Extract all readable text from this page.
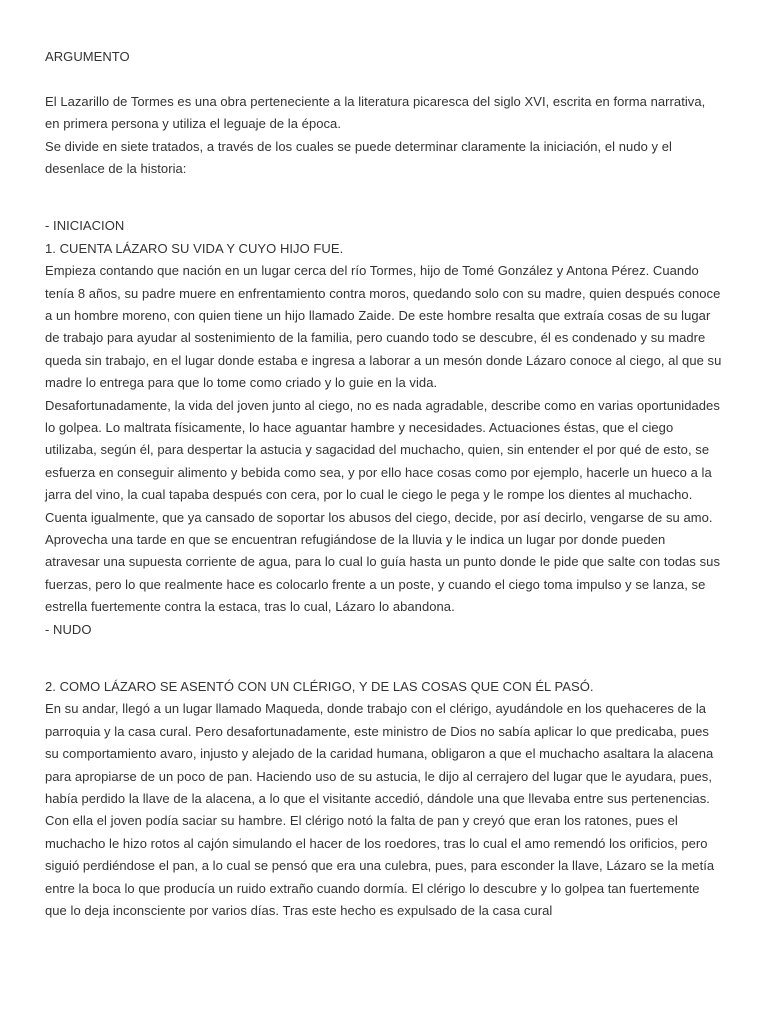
ARGUMENTO

El Lazarillo de Tormes es una obra perteneciente a la literatura picaresca del siglo XVI, escrita en forma narrativa, en primera persona y utiliza el leguaje de la época.
Se divide en siete tratados, a través de los cuales se puede determinar claramente la iniciación, el nudo y el desenlace de la historia:

- INICIACION

1. CUENTA LÁZARO SU VIDA Y CUYO HIJO FUE.

Empieza contando que nación en un lugar cerca del río Tormes, hijo de Tomé González y Antona Pérez. Cuando tenía 8 años, su padre muere en enfrentamiento contra moros, quedando solo con su madre, quien después conoce a un hombre moreno, con quien tiene un hijo llamado Zaide. De este hombre resalta que extraía cosas de su lugar de trabajo para ayudar al sostenimiento de la familia, pero cuando todo se descubre, él es condenado y su madre queda sin trabajo, en el lugar donde estaba e ingresa a laborar a un mesón donde Lázaro conoce al ciego, al que su madre lo entrega para que lo tome como criado y lo guie en la vida.

Desafortunadamente, la vida del joven junto al ciego, no es nada agradable, describe como en varias oportunidades lo golpea. Lo maltrata físicamente, lo hace aguantar hambre y necesidades. Actuaciones éstas, que el ciego utilizaba, según él, para despertar la astucia y sagacidad del muchacho, quien, sin entender el por qué de esto, se esfuerza en conseguir alimento y bebida como sea, y por ello hace cosas como por ejemplo, hacerle un hueco a la jarra del vino, la cual tapaba después con cera, por lo cual le ciego le pega y le rompe los dientes al muchacho. Cuenta igualmente, que ya cansado de soportar los abusos del ciego, decide, por así decirlo, vengarse de su amo. Aprovecha una tarde en que se encuentran refugiándose de la lluvia y le indica un lugar por donde pueden atravesar una supuesta corriente de agua, para lo cual lo guía hasta un punto donde le pide que salte con todas sus fuerzas, pero lo que realmente hace es colocarlo frente a un poste, y cuando el ciego toma impulso y se lanza, se estrella fuertemente contra la estaca, tras lo cual, Lázaro lo abandona.

- NUDO

2. COMO LÁZARO SE ASENTÓ CON UN CLÉRIGO, Y DE LAS COSAS QUE CON ÉL PASÓ.

En su andar, llegó a un lugar llamado Maqueda, donde trabajo con el clérigo, ayudándole en los quehaceres de la parroquia y la casa cural. Pero desafortunadamente, este ministro de Dios no sabía aplicar lo que predicaba, pues su comportamiento avaro, injusto y alejado de la caridad humana, obligaron a que el muchacho asaltara la alacena para apropiarse de un poco de pan. Haciendo uso de su astucia, le dijo al cerrajero del lugar que le ayudara, pues, había perdido la llave de la alacena, a lo que el visitante accedió, dándole una que llevaba entre sus pertenencias. Con ella el joven podía saciar su hambre. El clérigo notó la falta de pan y creyó que eran los ratones, pues el muchacho le hizo rotos al cajón simulando el hacer de los roedores, tras lo cual el amo remendó los orificios, pero siguió perdiéndose el pan, a lo cual se pensó que era una culebra, pues, para esconder la llave, Lázaro se la metía entre la boca lo que producía un ruido extraño cuando dormía. El clérigo lo descubre y lo golpea tan fuertemente que lo deja inconsciente por varios días. Tras este hecho es expulsado de la casa cural
